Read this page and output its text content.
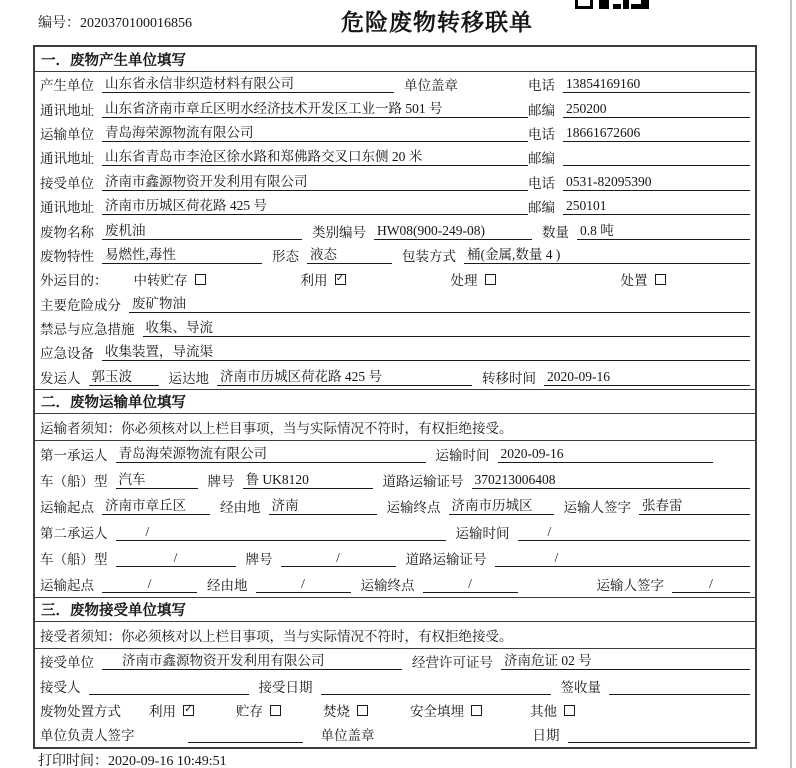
编号：2020370100016856	危险废物转移联单
一．废物产生单位填写
产生单位 山东省永信非织造材料有限公司	单位盖章	电话 13854169160
通讯地址 山东省济南市章丘区明水经济技术开发区工业一路 501 号	邮编 250200
运输单位 青岛海荣源物流有限公司	电话 18661672606
通讯地址 山东省青岛市李沧区徐水路和郑佛路交叉口东侧 20 米	邮编
接受单位 济南市鑫源物资开发利用有限公司	电话 0531-82095390
通讯地址 济南市历城区荷花路 425 号	邮编 250101
废物名称 废机油	类别编号 HW08(900-249-08)	数量 0.8 吨
废物特性 易燃性,毒性	形态 液态	包装方式 桶(金属,数量 4 )
外运目的： 中转贮存	利用 ✓	处理	处置
主要危险成分 废矿物油
禁忌与应急措施 收集、导流
应急设备 收集装置，导流渠
发运人 郭玉波	运达地 济南市历城区荷花路 425 号	转移时间 2020-09-16
二．废物运输单位填写
运输者须知：你必须核对以上栏目事项，当与实际情况不符时，有权拒绝接受。
第一承运人 青岛海荣源物流有限公司	运输时间 2020-09-16
车（船）型 汽车	牌号 鲁 UK8120	道路运输证号 370213006408
运输起点 济南市章丘区	经由地 济南	运输终点 济南市历城区	运输人签字 张春雷
第二承运人	/	运输时间	/
车（船）型	/	牌号	/	道路运输证号	/
运输起点	/	经由地	/	运输终点	/	运输人签字	/
三．废物接受单位填写
接受者须知：你必须核对以上栏目事项，当与实际情况不符时，有权拒绝接受。
接受单位	济南市鑫源物资开发利用有限公司	经营许可证号 济南危证 02 号
接受人	接受日期	签收量
废物处置方式 利用 ✓	贮存	焚烧	安全填埋	其他
单位负责人签字	单位盖章	日期
打印时间：2020-09-16 10:49:51
